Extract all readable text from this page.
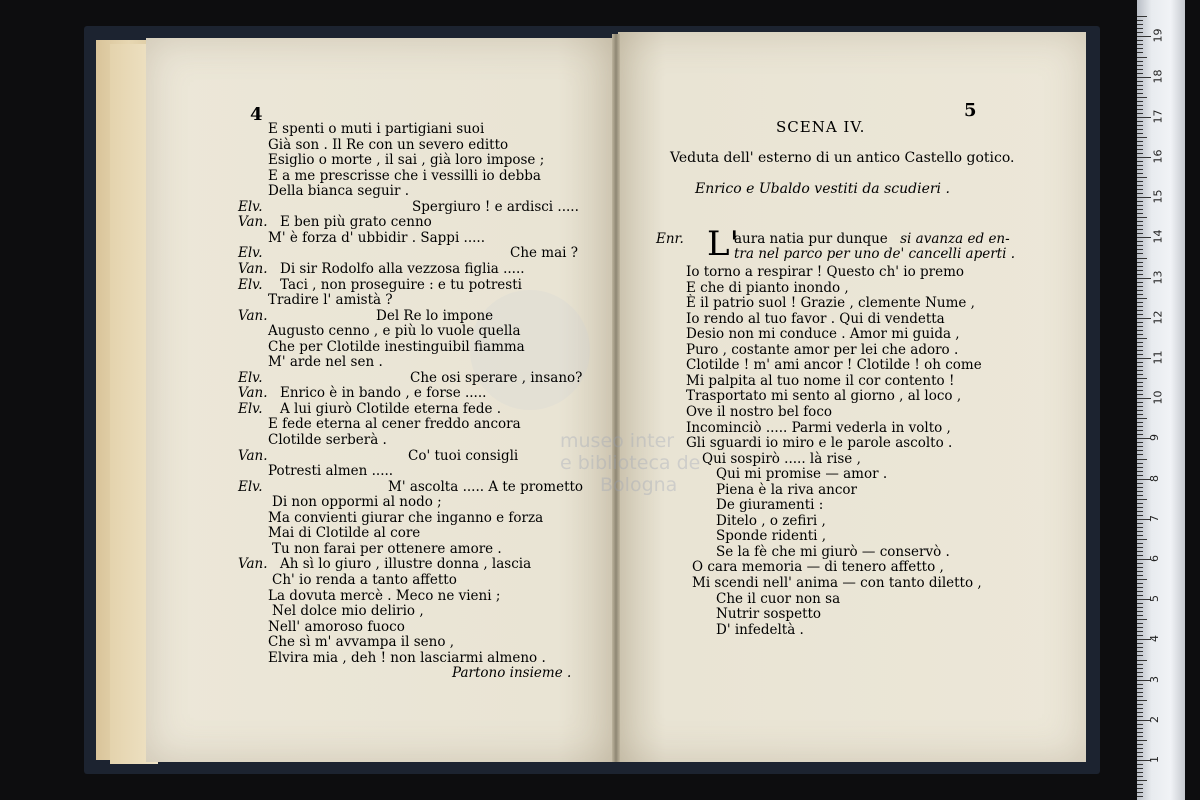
museo inter
e biblioteca de
Bologna
4
E spenti o muti i partigiani suoi
Già son . Il Re con un severo editto
Esiglio o morte , il sai , già loro impose ;
E a me prescrisse che i vessilli io debba
Della bianca seguir .
Elv.	Spergiuro ! e ardisci .....
Van. E ben più grato cenno
M' è forza d' ubbidir . Sappi .....
Elv.	Che mai ?
Van. Di sir Rodolfo alla vezzosa figlia .....
Elv. Taci , non proseguire : e tu potresti
Tradire l' amistà ?
Van.	Del Re lo impone
Augusto cenno , e più lo vuole quella
Che per Clotilde inestinguibil fiamma
M' arde nel sen .
Elv.	Che osi sperare , insano?
Van. Enrico è in bando , e forse .....
Elv. A lui giurò Clotilde eterna fede .
E fede eterna al cener freddo ancora
Clotilde serberà .
Van.	Co' tuoi consigli
Potresti almen .....
Elv.	M' ascolta ..... A te prometto
Di non oppormi al nodo ;
Ma convienti giurar che inganno e forza
Mai di Clotilde al core
Tu non farai per ottenere amore .
Van. Ah sì lo giuro , illustre donna , lascia
Ch' io renda a tanto affetto
La dovuta mercè . Meco ne vieni ;
Nel dolce mio delirio ,
Nell' amoroso fuoco
Che sì m' avvampa il seno ,
Elvira mia , deh ! non lasciarmi almeno .
Partono insieme .
5
SCENA IV.
Veduta dell' esterno di un antico Castello gotico.
Enrico e Ubaldo vestiti da scudieri .
Enr. L'
aura natia pur dunque si avanza ed en-
tra nel parco per uno de' cancelli aperti .
Io torno a respirar ! Questo ch' io premo
E che di pianto inondo ,
È il patrio suol ! Grazie , clemente Nume ,
Io rendo al tuo favor . Qui di vendetta
Desio non mi conduce . Amor mi guida ,
Puro , costante amor per lei che adoro .
Clotilde ! m' ami ancor ! Clotilde ! oh come
Mi palpita al tuo nome il cor contento !
Trasportato mi sento al giorno , al loco ,
Ove il nostro bel foco
Incominciò ..... Parmi vederla in volto ,
Gli sguardi io miro e le parole ascolto .
Qui sospirò ..... là rise ,
Qui mi promise — amor .
Piena è la riva ancor
De giuramenti :
Ditelo , o zefiri ,
Sponde ridenti ,
Se la fè che mi giurò — conservò .
O cara memoria — di tenero affetto ,
Mi scendi nell' anima — con tanto diletto ,
Che il cuor non sa
Nutrir sospetto
D' infedeltà .
19
18
17
16
15
14
13
12
11
10
9
8
7
6
5
4
3
2
1
